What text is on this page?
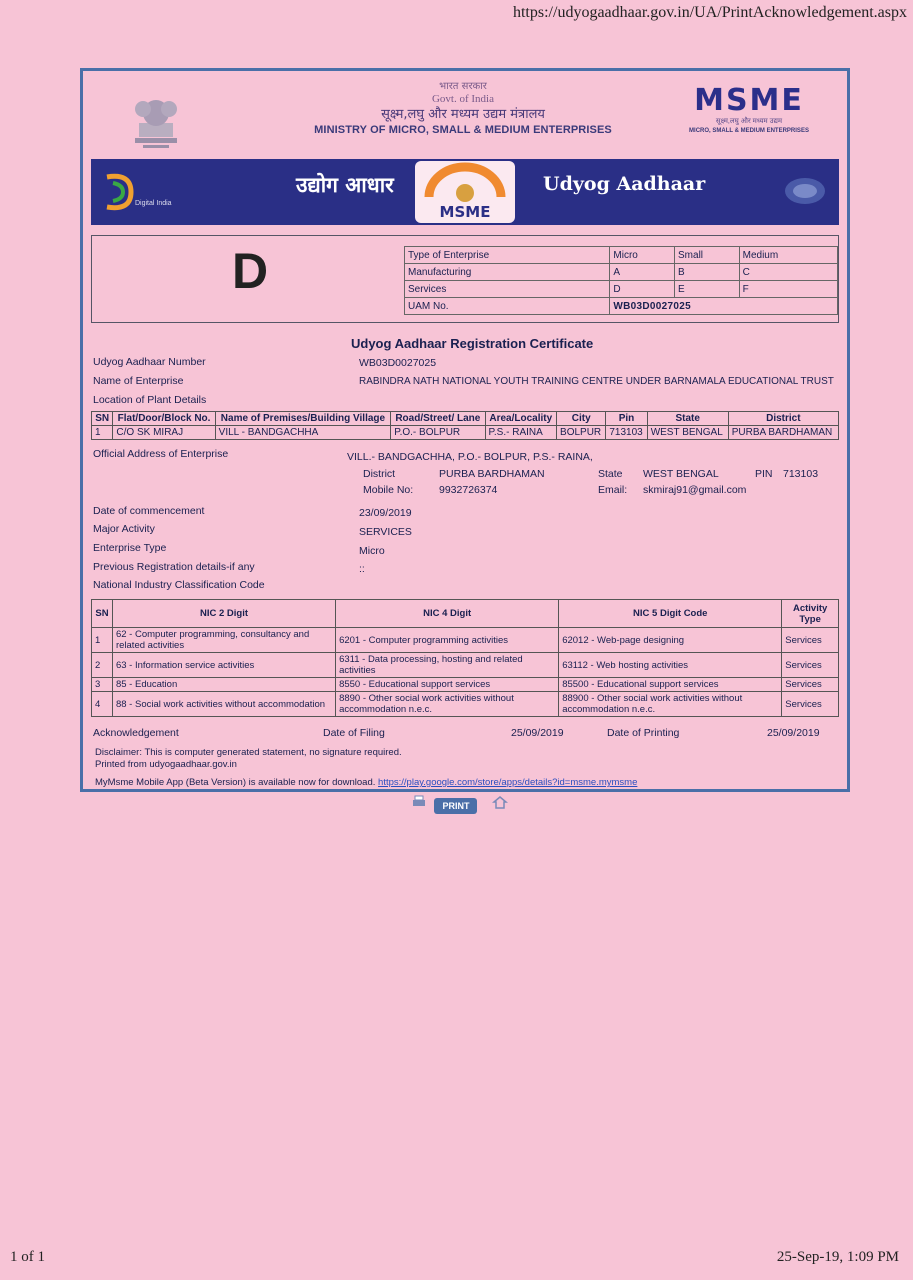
https://udyogaadhaar.gov.in/UA/PrintAcknowledgement.aspx
भारत सरकार
Govt. of India
सूक्ष्म,लघु और मध्यम उद्यम मंत्रालय
MINISTRY OF MICRO, SMALL & MEDIUM ENTERPRISES
MSME
सूक्ष्म,लघु और मध्यम उद्यम
MICRO, SMALL & MEDIUM ENTERPRISES
Digital India
उद्योग आधार
MSME
Udyog Aadhaar
D	Type of Enterprise	Micro	Small	Medium
Manufacturing	A	B	C
Services	D	E	F
UAM No.	WB03D0027025		
Udyog Aadhaar Registration Certificate
Udyog Aadhaar Number	WB03D0027025
Name of Enterprise	RABINDRA NATH NATIONAL YOUTH TRAINING CENTRE UNDER BARNAMALA EDUCATIONAL TRUST
Location of Plant Details
SN	Flat/Door/Block No.	Name of Premises/Building Village	Road/Street/ Lane	Area/Locality	City	Pin	State	District
1	C/O SK MIRAJ	VILL - BANDGACHHA	P.O.- BOLPUR	P.S.- RAINA	BOLPUR	713103	WEST BENGAL	PURBA BARDHAMAN
Official Address of Enterprise	VILL.- BANDGACHHA, P.O.- BOLPUR, P.S.- RAINA,
District	PURBA BARDHAMAN	State WEST BENGAL	PIN 713103
Mobile No: 9932726374	Email: skmiraj91@gmail.com
Date of commencement	23/09/2019
Major Activity	SERVICES
Enterprise Type	Micro
Previous Registration details-if any	::
National Industry Classification Code
SN	NIC 2 Digit	NIC 4 Digit	NIC 5 Digit Code	Activity Type
1	62 - Computer programming, consultancy and related activities	6201 - Computer programming activities	62012 - Web-page designing	Services
2	63 - Information service activities	6311 - Data processing, hosting and related activities	63112 - Web hosting activities	Services
3	85 - Education	8550 - Educational support services	85500 - Educational support services	Services
4	88 - Social work activities without accommodation	8890 - Other social work activities without accommodation n.e.c.	88900 - Other social work activities without accommodation n.e.c.	Services
Acknowledgement	Date of Filing	25/09/2019	Date of Printing	25/09/2019
Disclaimer: This is computer generated statement, no signature required.
Printed from udyogaadhaar.gov.in
MyMsme Mobile App (Beta Version) is available now for download. https://play.google.com/store/apps/details?id=msme.mymsme
PRINT
1 of 1	25-Sep-19, 1:09 PM
